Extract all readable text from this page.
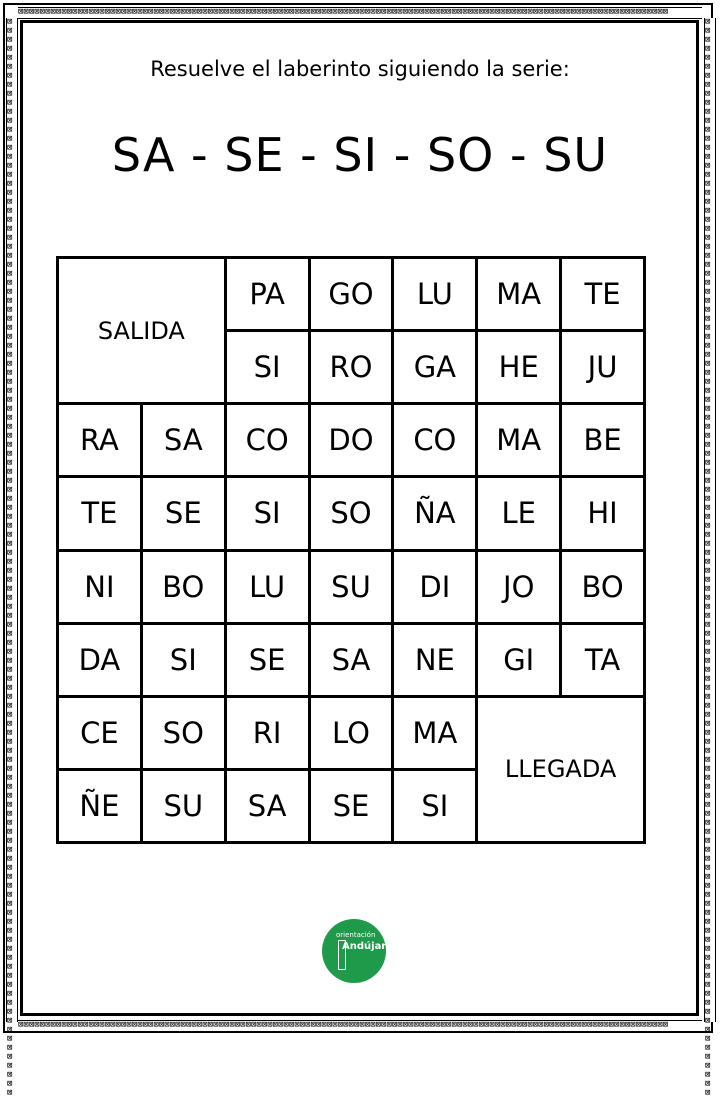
⊠⊠⊠⊠⊠⊠⊠⊠⊠⊠⊠⊠⊠⊠⊠⊠⊠⊠⊠⊠⊠⊠⊠⊠⊠⊠⊠⊠⊠⊠⊠⊠⊠⊠⊠⊠⊠⊠⊠⊠⊠⊠⊠⊠⊠⊠⊠⊠⊠⊠⊠⊠⊠⊠⊠⊠⊠⊠⊠⊠⊠⊠⊠⊠⊠⊠⊠⊠⊠⊠⊠⊠⊠⊠⊠⊠⊠⊠⊠⊠⊠⊠⊠⊠⊠⊠⊠⊠⊠⊠⊠⊠⊠⊠⊠⊠⊠⊠⊠⊠⊠⊠⊠⊠⊠⊠⊠⊠⊠⊠⊠⊠⊠⊠⊠⊠⊠⊠⊠⊠
⊠⊠⊠⊠⊠⊠⊠⊠⊠⊠⊠⊠⊠⊠⊠⊠⊠⊠⊠⊠⊠⊠⊠⊠⊠⊠⊠⊠⊠⊠⊠⊠⊠⊠⊠⊠⊠⊠⊠⊠⊠⊠⊠⊠⊠⊠⊠⊠⊠⊠⊠⊠⊠⊠⊠⊠⊠⊠⊠⊠⊠⊠⊠⊠⊠⊠⊠⊠⊠⊠⊠⊠⊠⊠⊠⊠⊠⊠⊠⊠⊠⊠⊠⊠⊠⊠⊠⊠⊠⊠⊠⊠⊠⊠⊠⊠⊠⊠⊠⊠⊠⊠⊠⊠⊠⊠⊠⊠⊠⊠⊠⊠⊠⊠⊠⊠⊠⊠⊠⊠
⊠⊠⊠⊠⊠⊠⊠⊠⊠⊠⊠⊠⊠⊠⊠⊠⊠⊠⊠⊠⊠⊠⊠⊠⊠⊠⊠⊠⊠⊠⊠⊠⊠⊠⊠⊠⊠⊠⊠⊠⊠⊠⊠⊠⊠⊠⊠⊠⊠⊠⊠⊠⊠⊠⊠⊠⊠⊠⊠⊠⊠⊠⊠⊠⊠⊠⊠⊠⊠⊠⊠⊠⊠⊠⊠⊠⊠⊠⊠⊠⊠⊠⊠⊠⊠⊠⊠⊠⊠⊠⊠⊠⊠⊠⊠⊠⊠⊠⊠⊠⊠⊠⊠⊠⊠⊠⊠⊠⊠⊠⊠⊠⊠⊠⊠⊠⊠⊠⊠⊠
⊠⊠⊠⊠⊠⊠⊠⊠⊠⊠⊠⊠⊠⊠⊠⊠⊠⊠⊠⊠⊠⊠⊠⊠⊠⊠⊠⊠⊠⊠⊠⊠⊠⊠⊠⊠⊠⊠⊠⊠⊠⊠⊠⊠⊠⊠⊠⊠⊠⊠⊠⊠⊠⊠⊠⊠⊠⊠⊠⊠⊠⊠⊠⊠⊠⊠⊠⊠⊠⊠⊠⊠⊠⊠⊠⊠⊠⊠⊠⊠⊠⊠⊠⊠⊠⊠⊠⊠⊠⊠⊠⊠⊠⊠⊠⊠⊠⊠⊠⊠⊠⊠⊠⊠⊠⊠⊠⊠⊠⊠⊠⊠⊠⊠⊠⊠⊠⊠⊠⊠
Resuelve el laberinto siguiendo la serie:
SA - SE - SI - SO - SU
SALIDA
PA	GO	LU	MA	TE
SI	RO	GA	HE	JU
RA	SA	CO	DO	CO	MA	BE
TE	SE	SI	SO	ÑA	LE	HI
NI	BO	LU	SU	DI	JO	BO
DA	SI	SE	SA	NE	GI	TA
CE	SO	RI	LO	MA
LLEGADA
ÑE	SU	SA	SE	SI
orientación
Andújar
